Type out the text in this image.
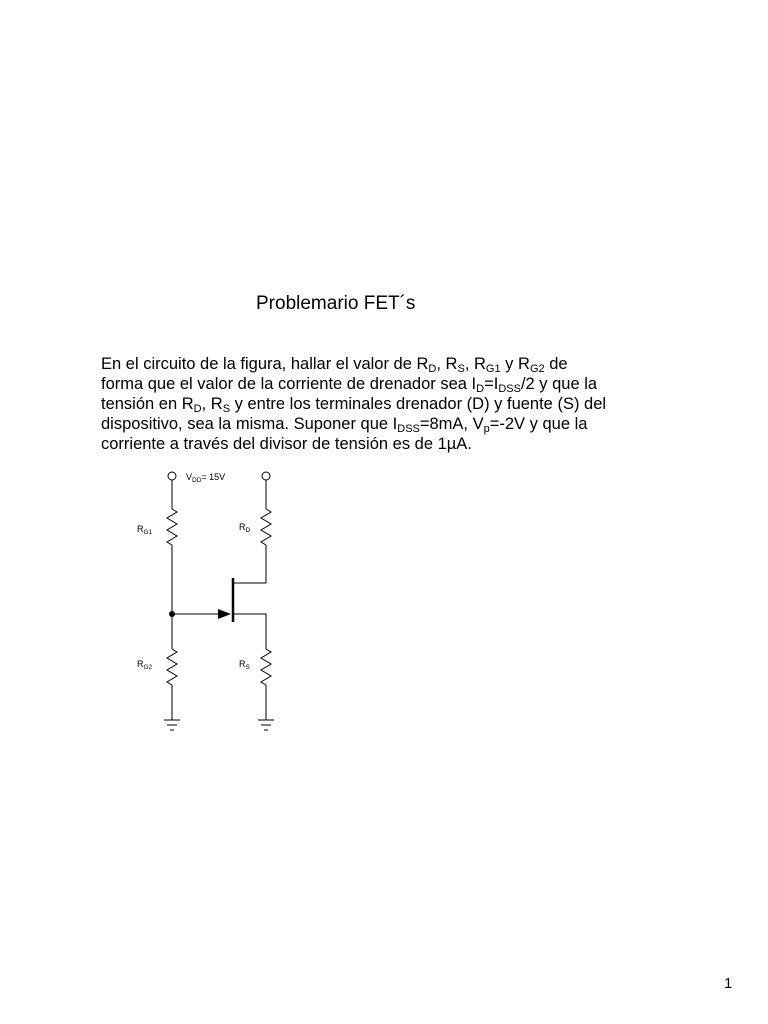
Problemario FET´s
En el circuito de la figura, hallar el valor de $R_D$, $R_S$, $R_{G1}$ y $R_{G2}$ de
forma que el valor de la corriente de drenador sea $I_D=I_{DSS}/2$ y que la
tensión en $R_D$, $R_S$ y entre los terminales drenador (D) y fuente (S) del
dispositivo, sea la misma. Suponer que $I_{DSS}=8mA$, $V_p=-2V$ y que la
corriente a través del divisor de tensión es de 1µA.
$V_{DD}= 15V$
$R_{G1}$
$R_D$
$R_{G2}$	$R_S$
1
